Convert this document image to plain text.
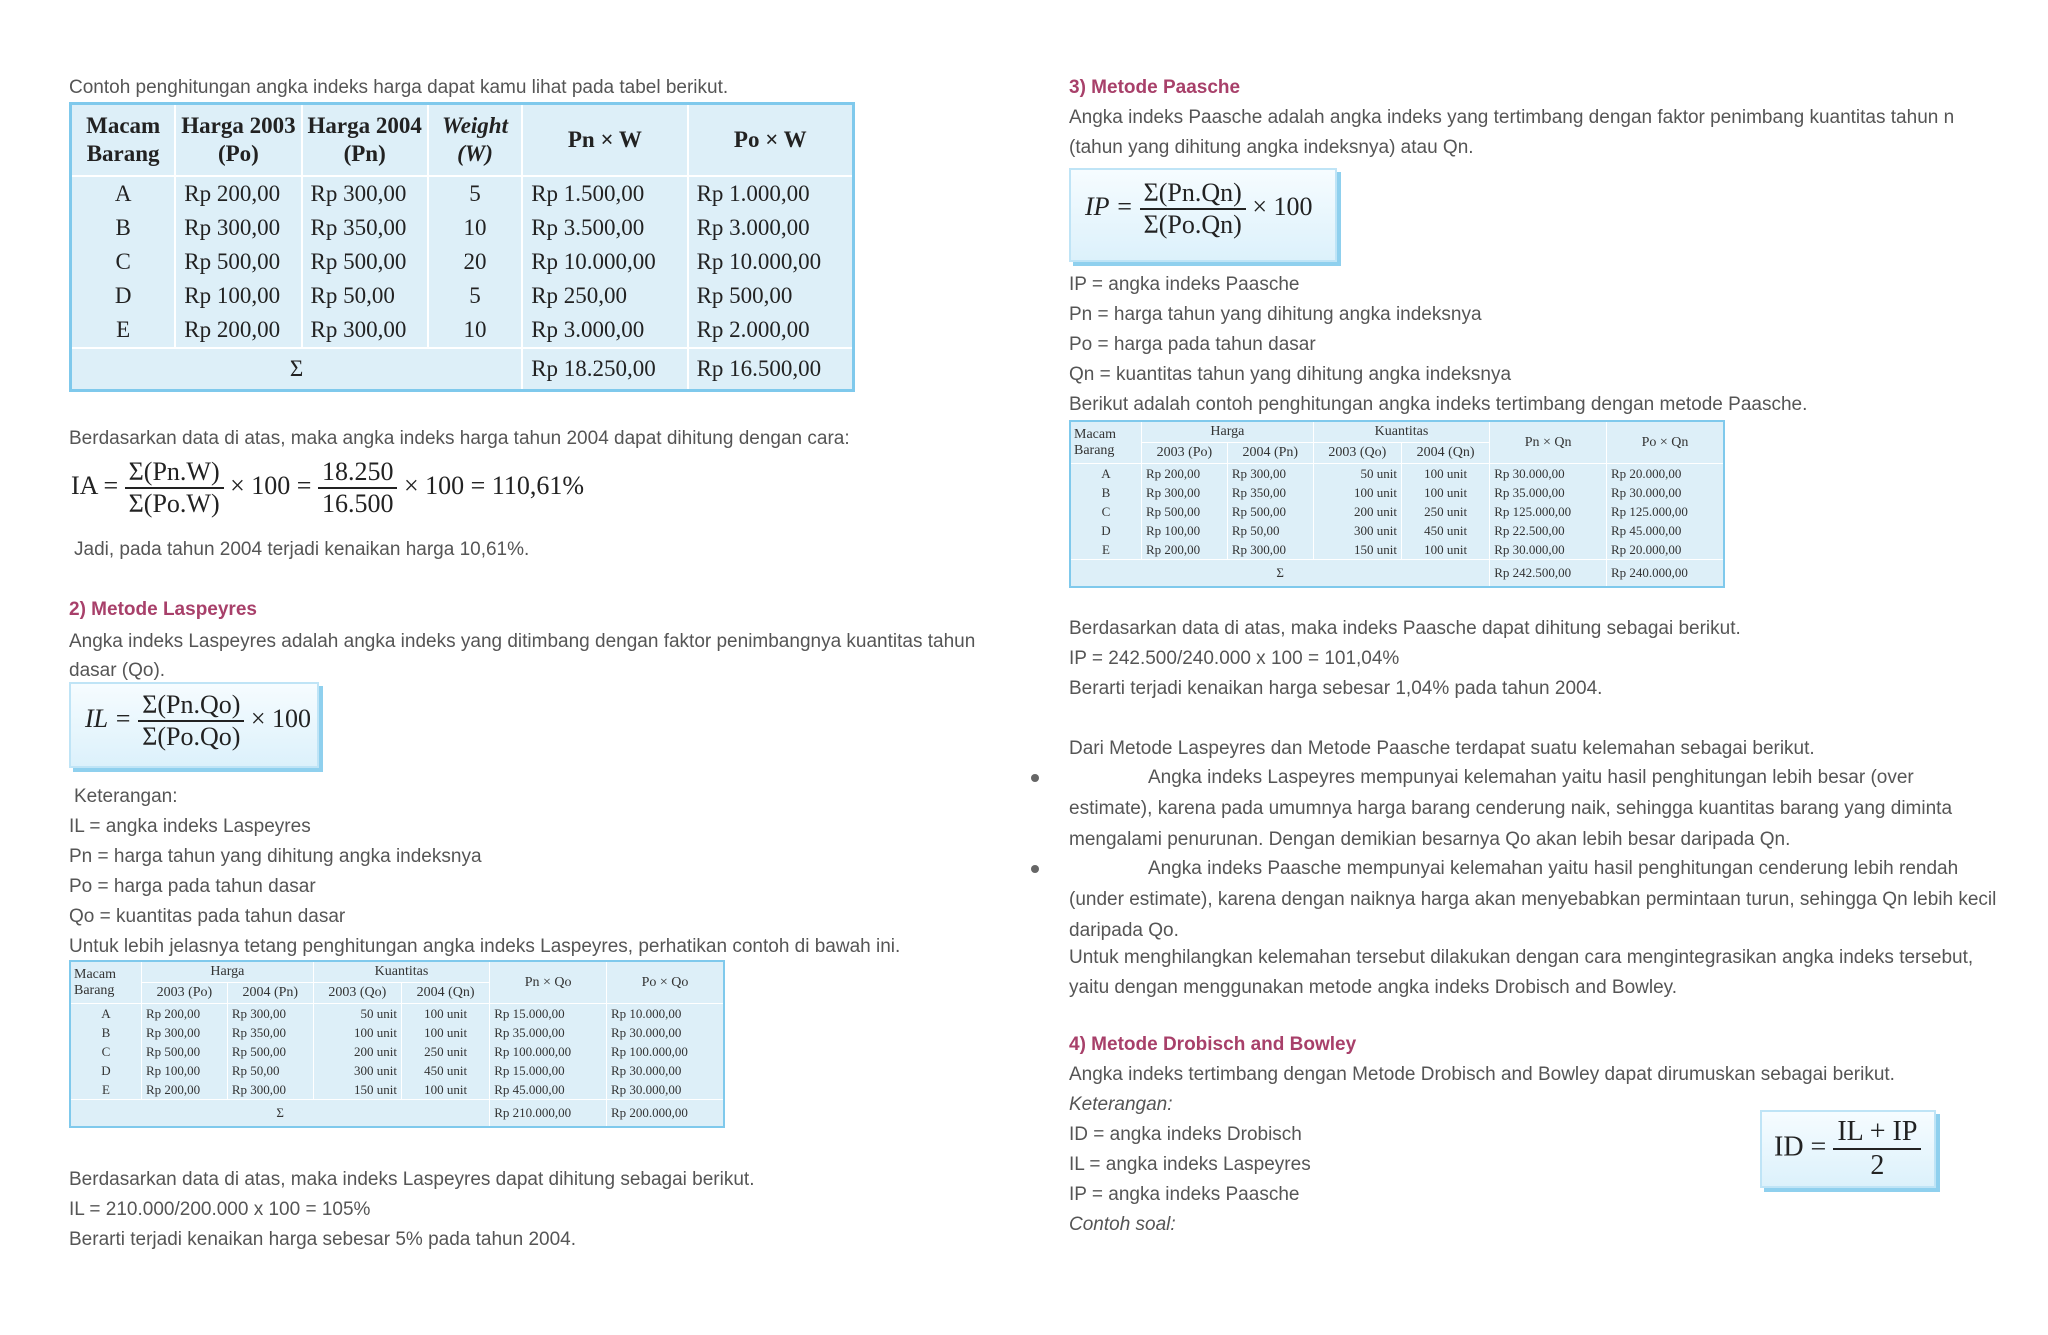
Contoh penghitungan angka indeks harga dapat kamu lihat pada tabel berikut.
Macam Barang	Harga 2003 (Po)	Harga 2004 (Pn)	Weight (W)	Pn × W	Po × W
A	Rp 200,00	Rp 300,00	5	Rp 1.500,00	Rp 1.000,00
B	Rp 300,00	Rp 350,00	10	Rp 3.500,00	Rp 3.000,00
C	Rp 500,00	Rp 500,00	20	Rp 10.000,00	Rp 10.000,00
D	Rp 100,00	Rp 50,00	5	Rp 250,00	Rp 500,00
E	Rp 200,00	Rp 300,00	10	Rp 3.000,00	Rp 2.000,00
Σ				Rp 18.250,00	Rp 16.500,00
Berdasarkan data di atas, maka angka indeks harga tahun 2004 dapat dihitung dengan cara:
IA = $\frac{\Sigma(Pn.W)}{\Sigma(Po.W)} \times 100 = \frac{18.250}{16.500} \times 100 = 110,61\%$
Jadi, pada tahun 2004 terjadi kenaikan harga 10,61%.
2) Metode Laspeyres
Angka indeks Laspeyres adalah angka indeks yang ditimbang dengan faktor penimbangnya kuantitas tahun dasar (Qo).
IL = $\frac{\Sigma(Pn.Qo)}{\Sigma(Po.Qo)} \times 100$
Keterangan:
IL = angka indeks Laspeyres
Pn = harga tahun yang dihitung angka indeksnya
Po = harga pada tahun dasar
Qo = kuantitas pada tahun dasar
Untuk lebih jelasnya tetang penghitungan angka indeks Laspeyres, perhatikan contoh di bawah ini.
Macam Barang	Harga		Kuantitas		Pn × Qo	Po × Qo
	2003 (Po)	2004 (Pn)	2003 (Qo)	2004 (Qn)		
A	Rp 200,00	Rp 300,00	50 unit	100 unit	Rp 15.000,00	Rp 10.000,00
B	Rp 300,00	Rp 350,00	100 unit	100 unit	Rp 35.000,00	Rp 30.000,00
C	Rp 500,00	Rp 500,00	200 unit	250 unit	Rp 100.000,00	Rp 100.000,00
D	Rp 100,00	Rp 50,00	300 unit	450 unit	Rp 15.000,00	Rp 30.000,00
E	Rp 200,00	Rp 300,00	150 unit	100 unit	Rp 45.000,00	Rp 30.000,00
Σ					Rp 210.000,00	Rp 200.000,00
Berdasarkan data di atas, maka indeks Laspeyres dapat dihitung sebagai berikut.
IL = 210.000/200.000 x 100 = 105%
Berarti terjadi kenaikan harga sebesar 5% pada tahun 2004.
3) Metode Paasche
Angka indeks Paasche adalah angka indeks yang tertimbang dengan faktor penimbang kuantitas tahun n (tahun yang dihitung angka indeksnya) atau Qn.
IP = $\frac{\Sigma(Pn.Qn)}{\Sigma(Po.Qn)} \times 100$
IP = angka indeks Paasche
Pn = harga tahun yang dihitung angka indeksnya
Po = harga pada tahun dasar
Qn = kuantitas tahun yang dihitung angka indeksnya
Berikut adalah contoh penghitungan angka indeks tertimbang dengan metode Paasche.
Macam Barang	Harga		Kuantitas		Pn × Qn	Po × Qn
	2003 (Po)	2004 (Pn)	2003 (Qo)	2004 (Qn)		
A	Rp 200,00	Rp 300,00	50 unit	100 unit	Rp 30.000,00	Rp 20.000,00
B	Rp 300,00	Rp 350,00	100 unit	100 unit	Rp 35.000,00	Rp 30.000,00
C	Rp 500,00	Rp 500,00	200 unit	250 unit	Rp 125.000,00	Rp 125.000,00
D	Rp 100,00	Rp 50,00	300 unit	450 unit	Rp 22.500,00	Rp 45.000,00
E	Rp 200,00	Rp 300,00	150 unit	100 unit	Rp 30.000,00	Rp 20.000,00
Σ					Rp 242.500,00	Rp 240.000,00
Berdasarkan data di atas, maka indeks Paasche dapat dihitung sebagai berikut.
IP = 242.500/240.000 x 100 = 101,04%
Berarti terjadi kenaikan harga sebesar 1,04% pada tahun 2004.
Dari Metode Laspeyres dan Metode Paasche terdapat suatu kelemahan sebagai berikut.
Angka indeks Laspeyres mempunyai kelemahan yaitu hasil penghitungan lebih besar (over estimate), karena pada umumnya harga barang cenderung naik, sehingga kuantitas barang yang diminta mengalami penurunan. Dengan demikian besarnya Qo akan lebih besar daripada Qn.
Angka indeks Paasche mempunyai kelemahan yaitu hasil penghitungan cenderung lebih rendah (under estimate), karena dengan naiknya harga akan menyebabkan permintaan turun, sehingga Qn lebih kecil daripada Qo.
Untuk menghilangkan kelemahan tersebut dilakukan dengan cara mengintegrasikan angka indeks tersebut, yaitu dengan menggunakan metode angka indeks Drobisch and Bowley.
4) Metode Drobisch and Bowley
Angka indeks tertimbang dengan Metode Drobisch and Bowley dapat dirumuskan sebagai berikut.
Keterangan:
ID = angka indeks Drobisch
IL = angka indeks Laspeyres
IP = angka indeks Paasche
Contoh soal:
ID = $\frac{IL + IP}{2}$
